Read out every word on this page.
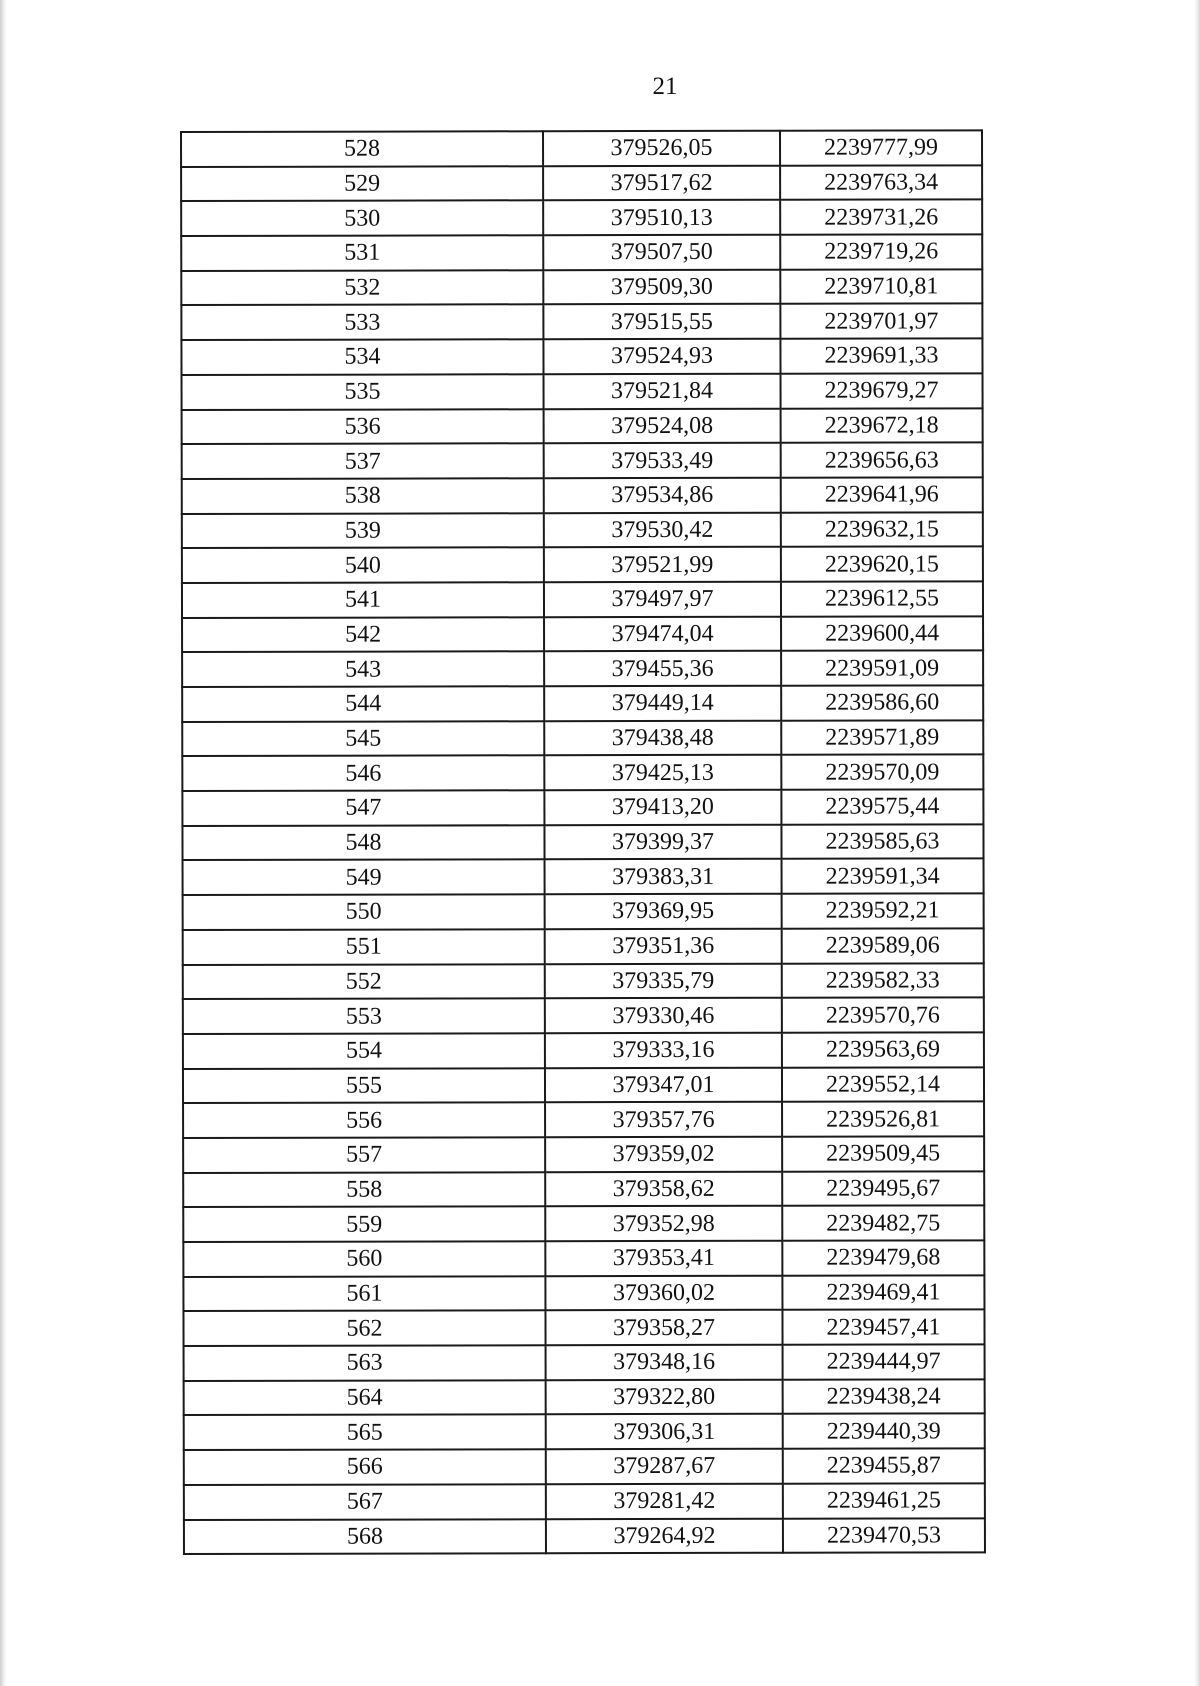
21
528	379526,05	2239777,99
529	379517,62	2239763,34
530	379510,13	2239731,26
531	379507,50	2239719,26
532	379509,30	2239710,81
533	379515,55	2239701,97
534	379524,93	2239691,33
535	379521,84	2239679,27
536	379524,08	2239672,18
537	379533,49	2239656,63
538	379534,86	2239641,96
539	379530,42	2239632,15
540	379521,99	2239620,15
541	379497,97	2239612,55
542	379474,04	2239600,44
543	379455,36	2239591,09
544	379449,14	2239586,60
545	379438,48	2239571,89
546	379425,13	2239570,09
547	379413,20	2239575,44
548	379399,37	2239585,63
549	379383,31	2239591,34
550	379369,95	2239592,21
551	379351,36	2239589,06
552	379335,79	2239582,33
553	379330,46	2239570,76
554	379333,16	2239563,69
555	379347,01	2239552,14
556	379357,76	2239526,81
557	379359,02	2239509,45
558	379358,62	2239495,67
559	379352,98	2239482,75
560	379353,41	2239479,68
561	379360,02	2239469,41
562	379358,27	2239457,41
563	379348,16	2239444,97
564	379322,80	2239438,24
565	379306,31	2239440,39
566	379287,67	2239455,87
567	379281,42	2239461,25
568	379264,92	2239470,53
